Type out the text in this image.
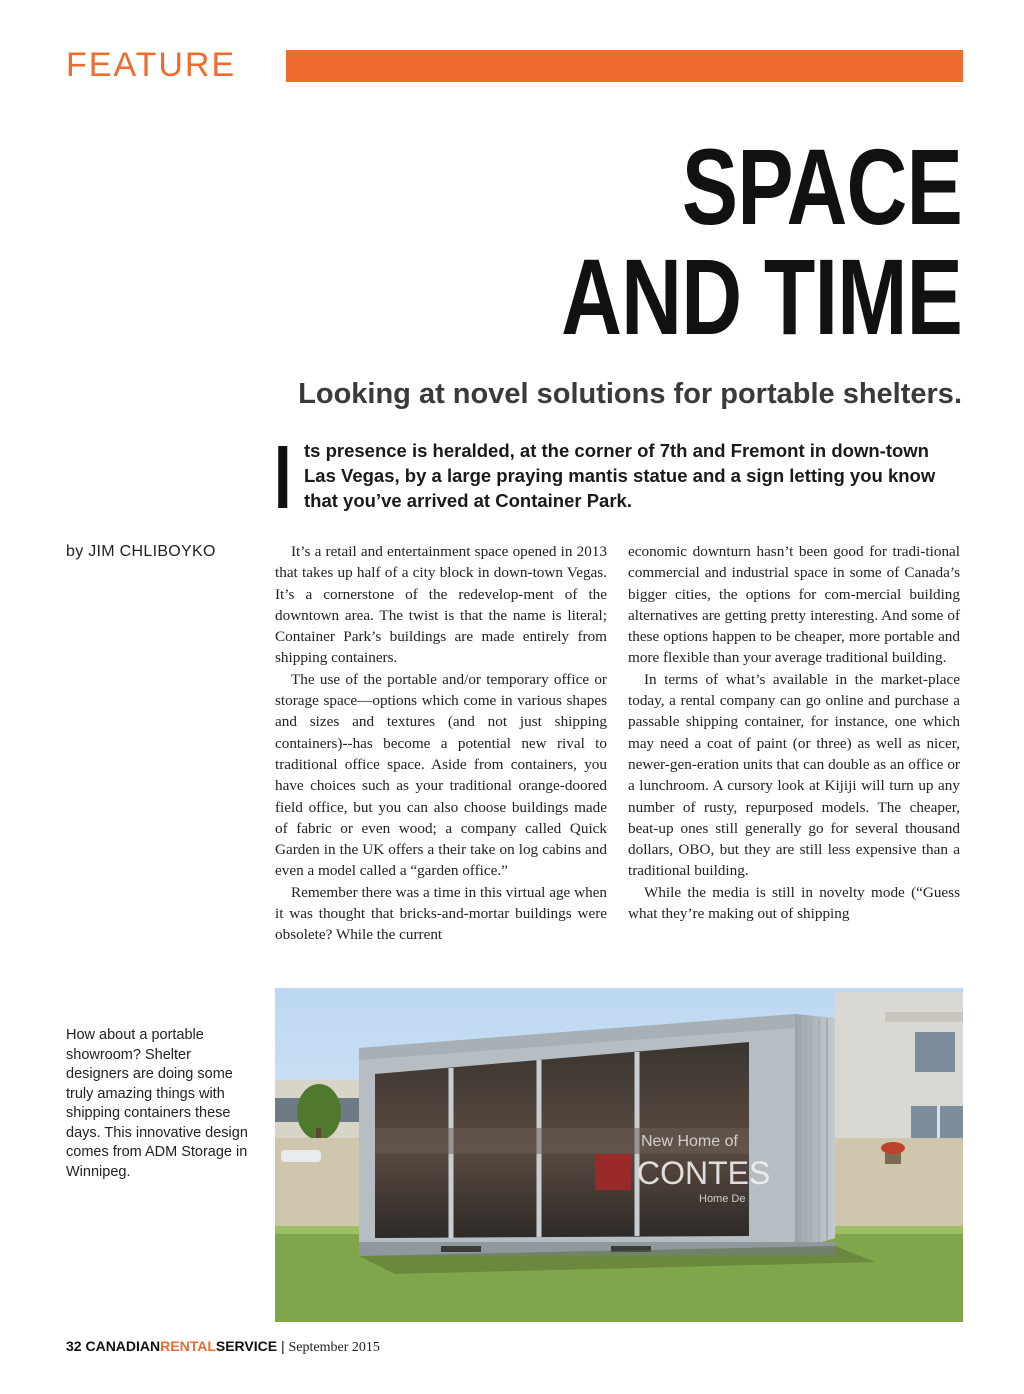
FEATURE
SPACE
AND TIME
Looking at novel solutions for portable shelters.
I ts presence is heralded, at the corner of 7th and Fremont in down-town Las Vegas, by a large praying mantis statue and a sign letting you know that you’ve arrived at Container Park.
by JIM CHLIBOYKO	It’s a retail and entertainment space opened in 2013 that takes up half of a city block in down-town Vegas. It’s a cornerstone of the redevelop-ment of the downtown area. The twist is that the name is literal; Container Park’s buildings are made entirely from shipping containers.

The use of the portable and/or temporary office or storage space—options which come in various shapes and sizes and textures (and not just shipping containers)--has become a potential new rival to traditional office space. Aside from containers, you have choices such as your traditional orange-doored field office, but you can also choose buildings made of fabric or even wood; a company called Quick Garden in the UK offers a their take on log cabins and even a model called a “garden office.”

Remember there was a time in this virtual age when it was thought that bricks-and-mortar buildings were obsolete? While the current

economic downturn hasn’t been good for tradi-tional commercial and industrial space in some of Canada’s bigger cities, the options for com-mercial building alternatives are getting pretty interesting. And some of these options happen to be cheaper, more portable and more flexible than your average traditional building.

In terms of what’s available in the market-place today, a rental company can go online and purchase a passable shipping container, for instance, one which may need a coat of paint (or three) as well as nicer, newer-gen-eration units that can double as an office or a lunchroom. A cursory look at Kijiji will turn up any number of rusty, repurposed models. The cheaper, beat-up ones still generally go for several thousand dollars, OBO, but they are still less expensive than a traditional building.

While the media is still in novelty mode (“Guess what they’re making out of shipping

How about a portable showroom? Shelter designers are doing some truly amazing things with shipping containers these days. This innovative design comes from ADM Storage in Winnipeg.
New Home of
CONTES
Home De
32 CANADIANRENTALSERVICE | September 2015
